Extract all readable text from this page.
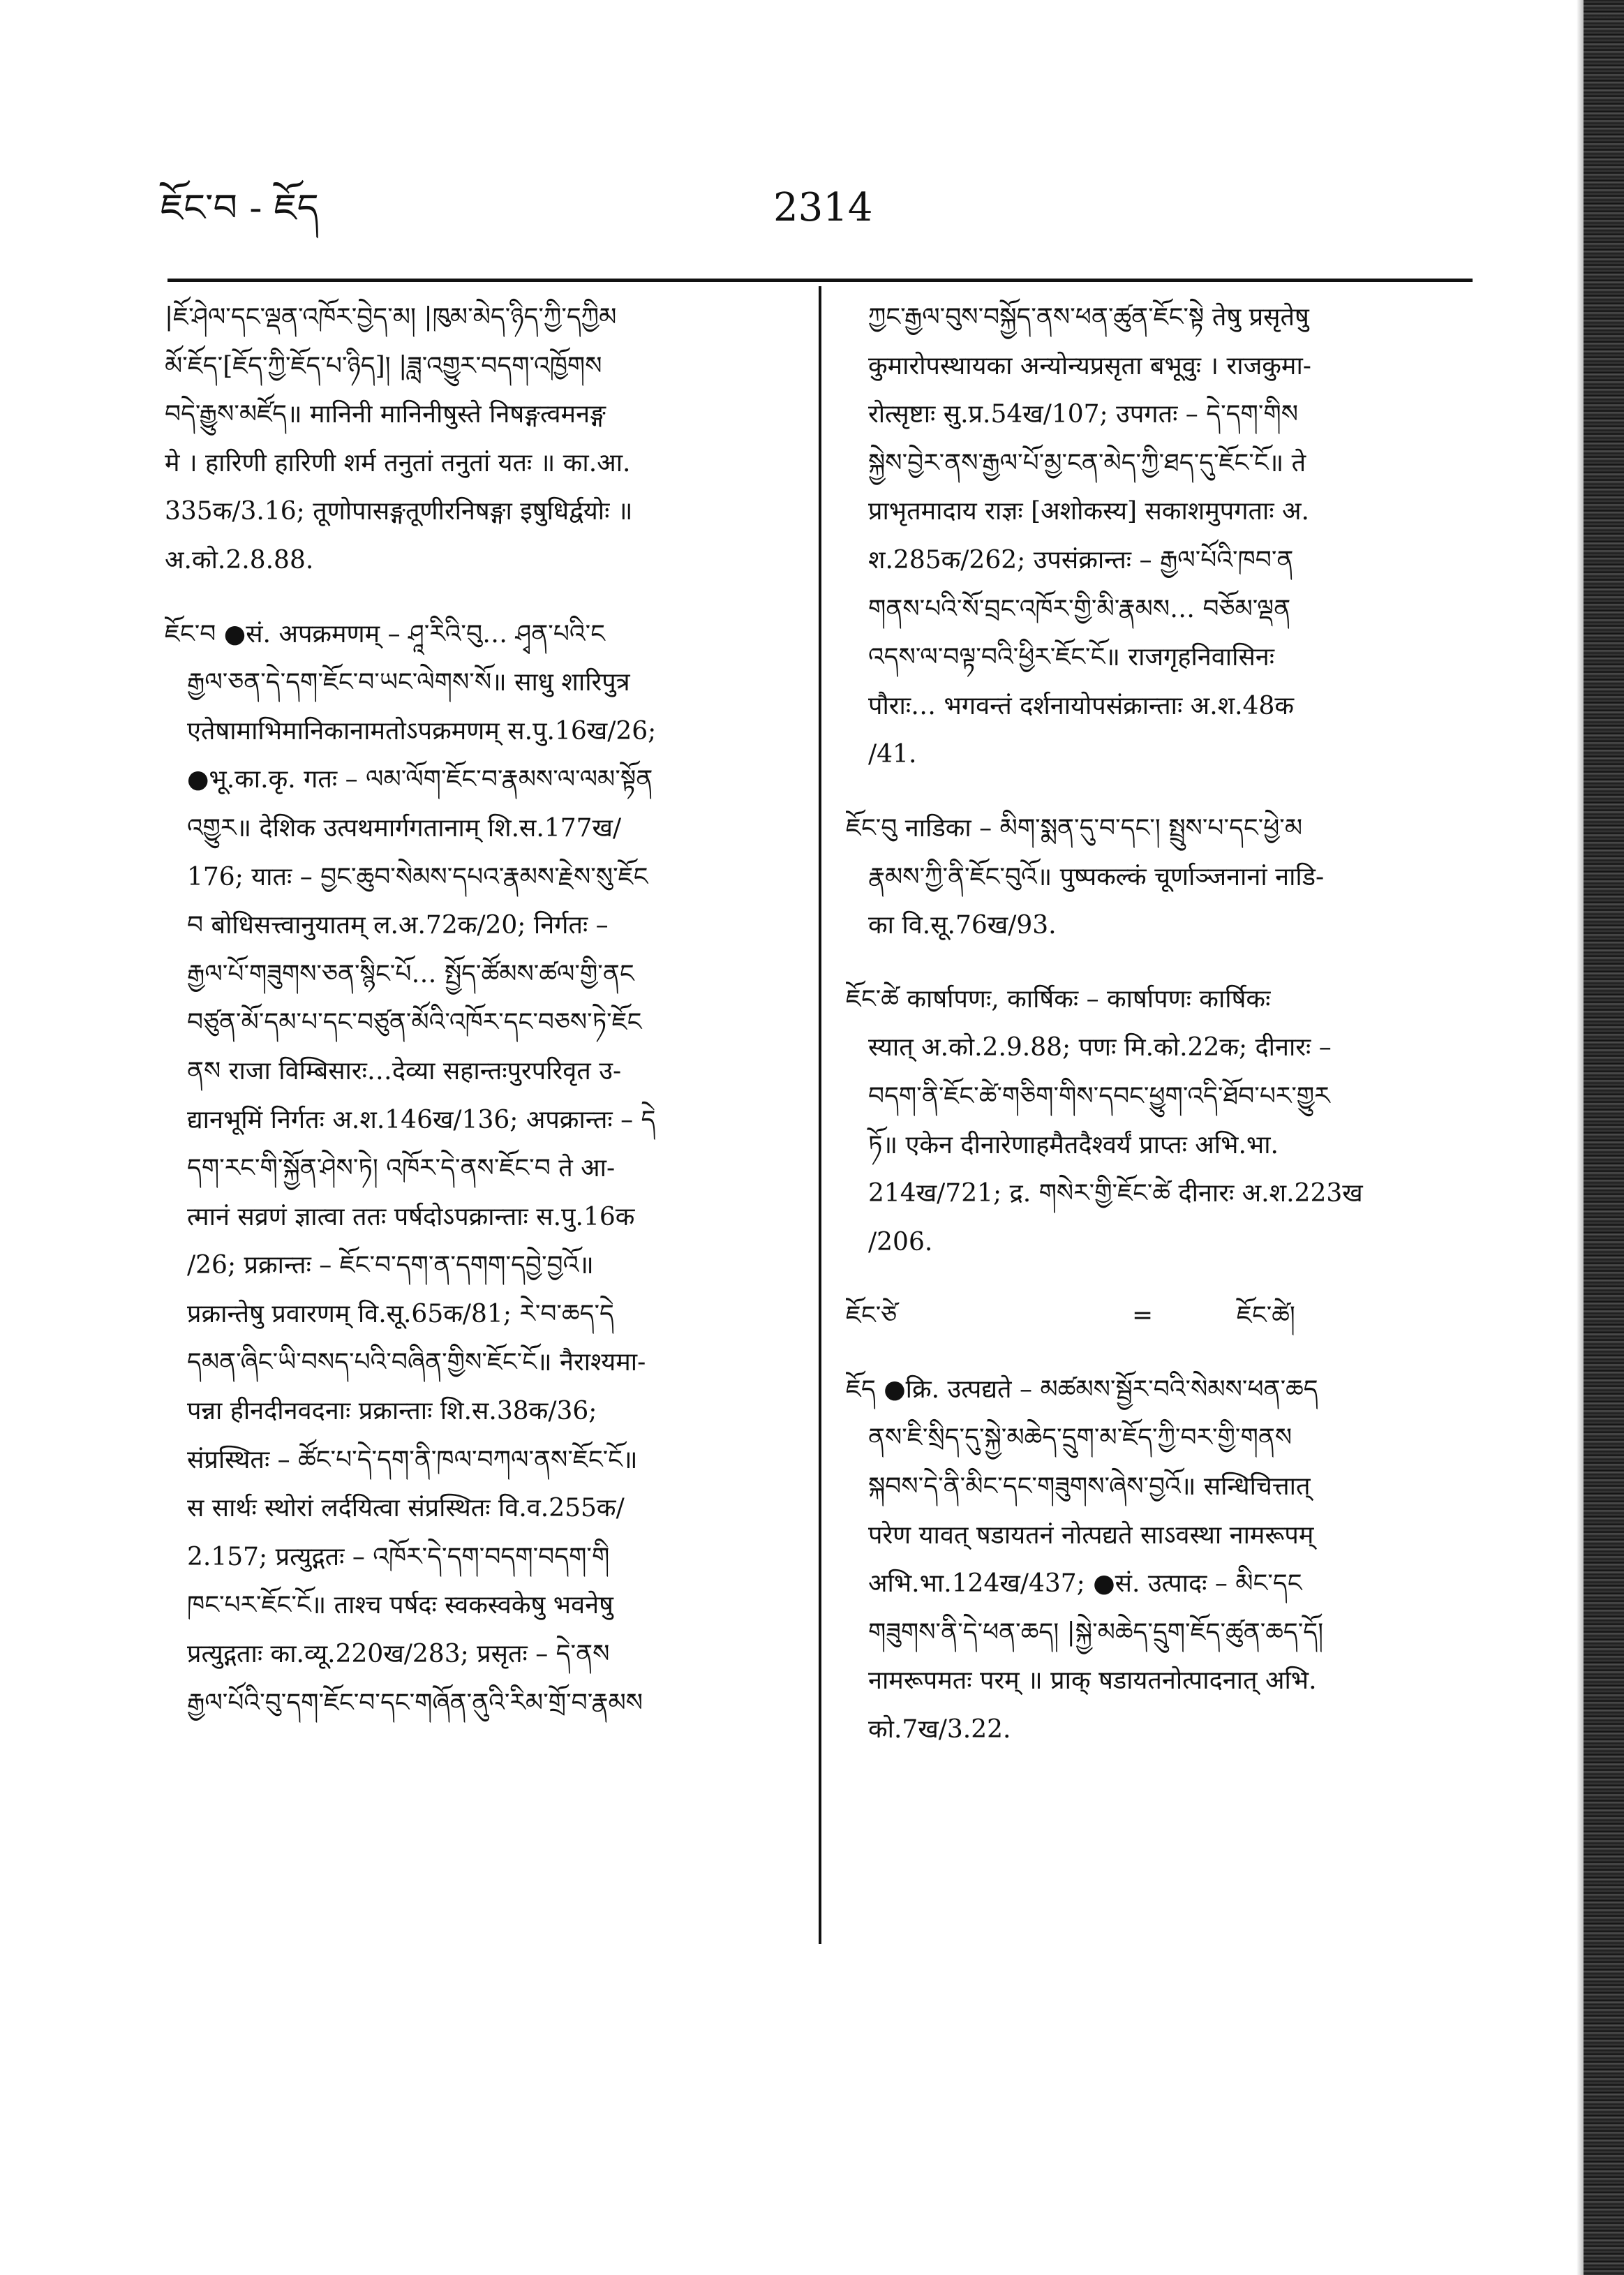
ཇོང་བ - ཇོད	2314
|ཇོ་ཤེལ་དང་ལྡན་འཁོར་བྱེད་མ། |ཁུམ་མེད་ཉིད་ཀྱི་དཀྱིམ
མོ་ཇོད་[ཇོད་ཀྱི་ཇོད་པ་ཉིད]། |ཟླ་འགྱུར་བདག་འཁྱོགས
བདེ་རྒྱུས་མཛོད॥ मानिनी मानिनीषुस्ते निषङ्गत्वमनङ्ग
मे । हारिणी हारिणी शर्म तनुतां तनुतां यतः ॥ का.आ.
335क/3.16; तूणोपासङ्गतूणीरनिषङ्गा इषुधिर्द्वयोः ॥
अ.को.2.8.88.
ཇོང་བ ●सं. अपक्रमणम् – ཤཱ་རིའི་བུ… ཤྭན་པའི་ང
རྒྱལ་ཅན་དེ་དག་ཇོང་བ་ཡང་ལེགས་སོ॥ साधु शारिपुत्र
एतेषामाभिमानिकानामतोऽपक्रमणम् स.पु.16ख/26;
●भू.का.कृ. गतः – ལམ་ལོག་ཇོང་བ་རྣམས་ལ་ལམ་སྟོན
འགྱུར॥ देशिक उत्पथमार्गगतानाम् शि.स.177ख/
176; यातः – བྱང་ཆུབ་སེམས་དཔའ་རྣམས་རྗེས་སུ་ཇོང
བ बोधिसत्त्वानुयातम् ल.अ.72क/20; निर्गतः –
རྒྱལ་པོ་གཟུགས་ཅན་སྙིང་པོ… སྤྱོད་ཚོམས་ཚལ་གྱི་ནང
བཙུན་མོ་དམ་པ་དང་བཙུན་མོའི་འཁོར་དང་བཅས་ཏེ་ཇོང
ནས राजा विम्बिसारः…देव्या सहान्तःपुरपरिवृत उ-
द्यानभूमिं निर्गतः अ.श.146ख/136; अपक्रान्तः – དེ
དག་རང་གི་སྐྱོན་ཤེས་ཏེ། འཁོར་དེ་ནས་ཇོང་བ ते आ-
त्मानं सव्रणं ज्ञात्वा ततः पर्षदोऽपक्रान्ताः स.पु.16क
/26; प्रक्रान्तः – ཇོང་བ་དག་ན་དགག་དབྱེ་བྱའོ॥
प्रक्रान्तेषु प्रवारणम् वि.सू.65क/81; རེ་བ་ཆད་དེ
དམན་ཞིང་ཡི་བསད་པའི་བཞིན་གྱིས་ཇོང་ངོ॥ नैराश्यमा-
पन्ना हीनदीनवदनाः प्रक्रान्ताः शि.स.38क/36;
संप्रस्थितः – ཚོང་པ་དེ་དག་ནི་ཁལ་བཀལ་ནས་ཇོང་ངོ॥
स सार्थः स्थोरां लर्दयित्वा संप्रस्थितः वि.व.255क/
2.157; प्रत्युद्गतः – འཁོར་དེ་དག་བདག་བདག་གི
ཁང་པར་ཇོང་ངོ॥ ताश्च पर्षदः स्वकस्वकेषु भवनेषु
प्रत्युद्गताः का.व्यू.220ख/283; प्रसृतः – དེ་ནས
རྒྱལ་པོའི་བུ་དག་ཇོང་བ་དང་གཞོན་ནུའི་རིམ་གྲོ་བ་རྣམས
ཀྱང་རྒྱལ་བུས་བསྐྱོད་ནས་ཕན་ཚུན་ཇོང་སྟེ तेषु प्रसृतेषु
कुमारोपस्थायका अन्योन्यप्रसृता बभूवुः । राजकुमा-
रोत्सृष्टाः सु.प्र.54ख/107; उपगतः – དེ་དག་གིས
སྐྱེས་བྱེར་ནས་རྒྱལ་པོ་མྱ་ངན་མེད་ཀྱི་ཐད་དུ་ཇོང་ངོ॥ ते
प्राभृतमादाय राज्ञः [अशोकस्य] सकाशमुपगताः अ.
श.285क/262; उपसंक्रान्तः – རྒྱལ་པོའི་ཁབ་ན
གནས་པའི་སོ་བྲང་འཁོར་གྱི་མི་རྣམས… བཅོམ་ལྡན
འདས་ལ་བལྟ་བའི་ཕྱིར་ཇོང་ངོ॥ राजगृहनिवासिनः
पौराः… भगवन्तं दर्शनायोपसंक्रान्ताः अ.श.48क
/41.
ཇོང་བུ नाडिका – མིག་སྨན་དུ་བ་དང་། སྤྲུས་པ་དང་ཕྱེ་མ
རྣམས་ཀྱི་ནི་ཇོང་བུའོ॥ पुष्पकल्कं चूर्णाञ्जनानां नाडि-
का वि.सू.76ख/93.
ཇོང་ཚེ कार्षापणः, कार्षिकः – कार्षापणः कार्षिकः
स्यात् अ.को.2.9.88; पणः मि.को.22क; दीनारः –
བདག་ནི་ཇོང་ཚེ་གཅིག་གིས་དབང་ཕྱུག་འདི་ཐོབ་པར་གྱུར
ཏོ॥ एकेन दीनारेणाहमैतदैश्वर्यं प्राप्तः अभि.भा.
214ख/721; द्र. གསེར་གྱི་ཇོང་ཚེ दीनारः अ.श.223ख
/206.
ཇོང་ཙེ	=	ཇོང་ཚེ།
ཇོད ●क्रि. उत्पद्यते – མཚམས་སྦྱོར་བའི་སེམས་ཕན་ཆད
ནས་ཇི་སྲིད་དུ་སྐྱེ་མཆེད་དྲུག་མ་ཇོད་ཀྱི་བར་གྱི་གནས
སྐབས་དེ་ནི་མིང་དང་གཟུགས་ཞེས་བྱའོ॥ सन्धिचित्तात्
परेण यावत् षडायतनं नोत्पद्यते साऽवस्था नामरूपम्
अभि.भा.124ख/437; ●सं. उत्पादः – མིང་དང
གཟུགས་ནི་དེ་ཕན་ཆད། |སྐྱེ་མཆེད་དྲུག་ཇོད་ཚུན་ཆད་དོ།
नामरूपमतः परम् ॥ प्राक् षडायतनोत्पादनात् अभि.
को.7ख/3.22.
